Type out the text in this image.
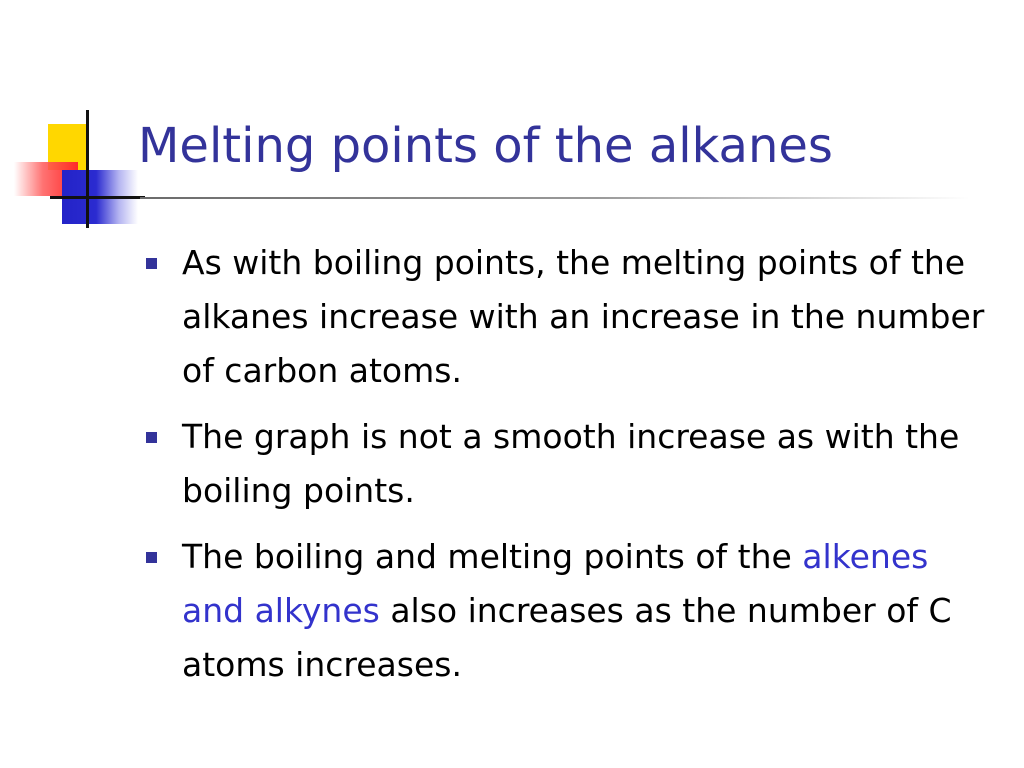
Melting points of the alkanes
As with boiling points, the melting points of the alkanes increase with an increase in the number of carbon atoms.
The graph is not a smooth increase as with the boiling points.
The boiling and melting points of the alkenes and alkynes also increases as the number of C atoms increases.
